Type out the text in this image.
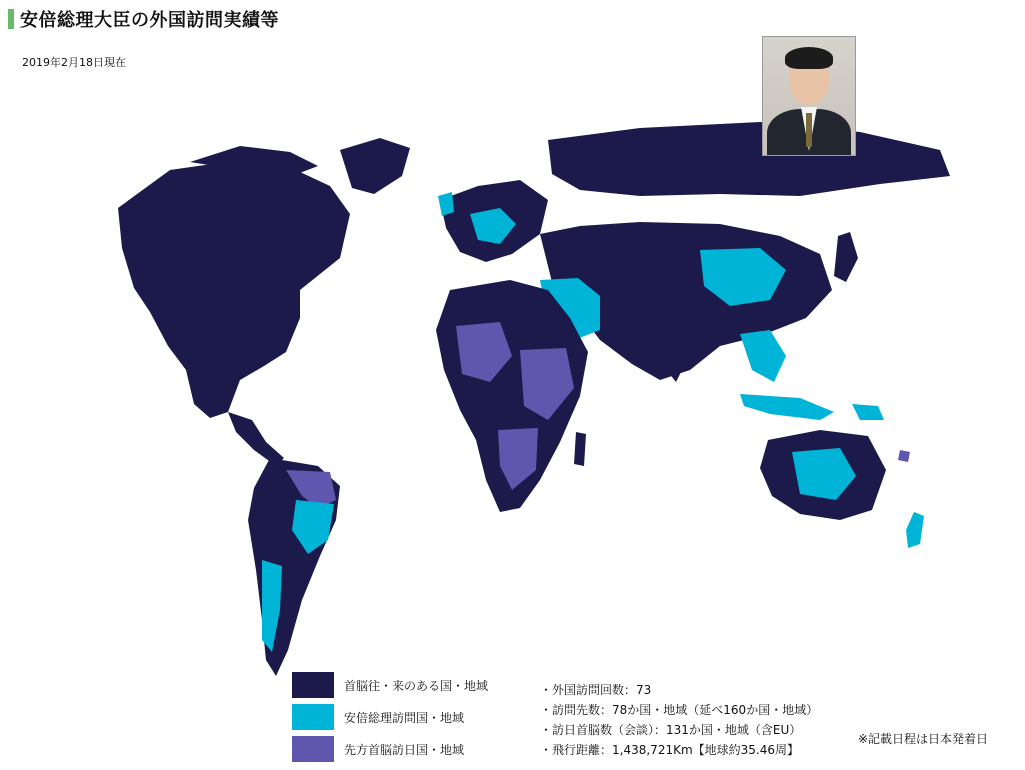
安倍総理大臣の外国訪問実績等
2019年2月18日現在
首脳往・来のある国・地域
安倍総理訪問国・地域
先方首脳訪日国・地域
・ 外国訪問回数：73
・ 訪問先数：78か国・地域（延べ160か国・地域）
・ 訪日首脳数（会談）：131か国・地域（含EU）
・ 飛行距離：1,438,721Km【地球約35.46周】
※記載日程は日本発着日
